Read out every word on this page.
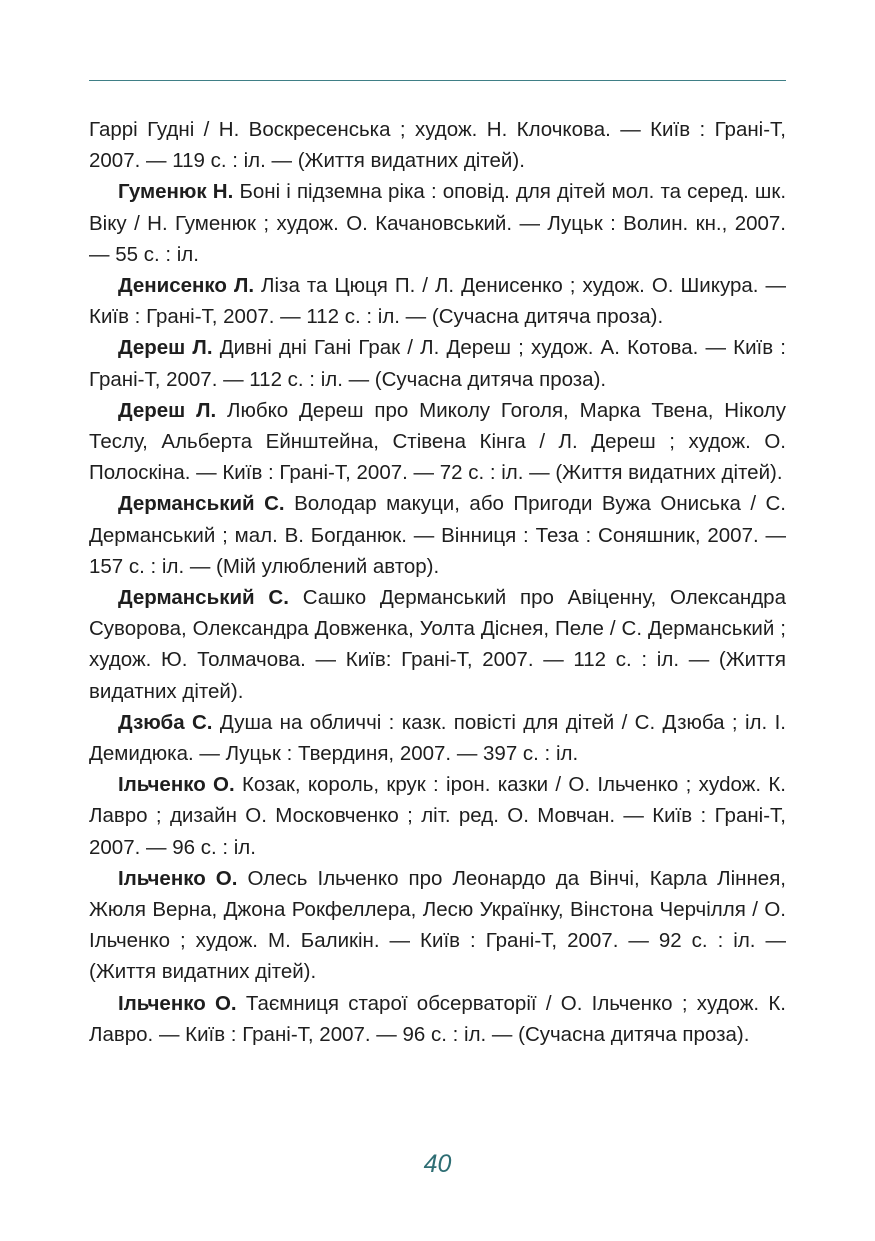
Гаррі Гудні / Н. Воскресенська ; худож. Н. Клочкова. — Київ : Грані-Т, 2007. — 119 с. : іл. — (Життя видатних дітей).

Гуменюк Н. Боні і підземна ріка : оповід. для дітей мол. та серед. шк. Віку / Н. Гуменюк ; худож. О. Качановський. — Луцьк : Волин. кн., 2007. — 55 с. : іл.

Денисенко Л. Ліза та Цюця П. / Л. Денисенко ; худож. О. Шикура. — Київ : Грані-Т, 2007. — 112 с. : іл. — (Сучасна дитяча проза).

Дереш Л. Дивні дні Гані Грак / Л. Дереш ; худож. А. Котова. — Київ : Грані-Т, 2007. — 112 с. : іл. — (Сучасна дитяча проза).

Дереш Л. Любко Дереш про Миколу Гоголя, Марка Твена, Ніколу Теслу, Альберта Ейнштейна, Стівена Кінга / Л. Дереш ; худож. О. Полоскіна. — Київ : Грані-Т, 2007. — 72 с. : іл. — (Життя видатних дітей).

Дерманський С. Володар макуци, або Пригоди Вужа Ониська / С. Дерманський ; мал. В. Богданюк. — Вінниця : Теза : Соняшник, 2007. — 157 с. : іл. — (Мій улюблений автор).

Дерманський С. Сашко Дерманський про Авіценну, Олександра Суворова, Олександра Довженка, Уолта Діснея, Пеле / С. Дерманський ; худож. Ю. Толмачова. — Київ: Грані-Т, 2007. — 112 с. : іл. — (Життя видатних дітей).

Дзюба С. Душа на обличчі : казк. повісті для дітей / С. Дзюба ; іл. І. Демидюка. — Луцьк : Твердиня, 2007. — 397 с. : іл.

Ільченко О. Козак, король, крук : ірон. казки / О. Ільченко ; хуdож. К. Лавро ; дизайн О. Московченко ; літ. ред. О. Мовчан. — Київ : Грані-Т, 2007. — 96 с. : іл.

Ільченко О. Олесь Ільченко про Леонардо да Вінчі, Карла Ліннея, Жюля Верна, Джона Рокфеллера, Лесю Українку, Вінстона Черчілля / О. Ільченко ; худож. М. Баликін. — Київ : Грані-Т, 2007. — 92 с. : іл. — (Життя видатних дітей).

Ільченко О. Таємниця старої обсерваторії / О. Ільченко ; худож. К. Лавро. — Київ : Грані-Т, 2007. — 96 с. : іл. — (Сучасна дитяча проза).

40
